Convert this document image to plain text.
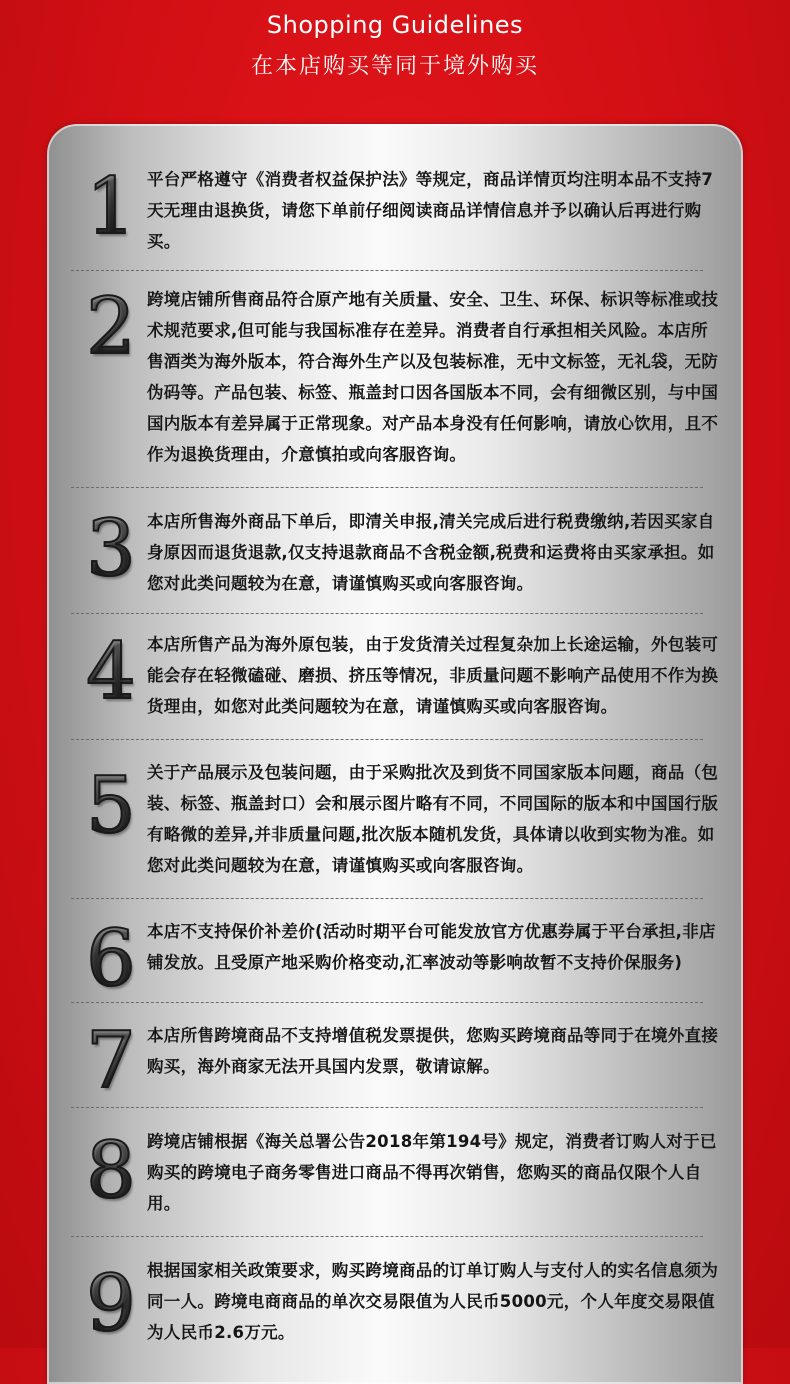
Shopping Guidelines
在本店购买等同于境外购买
1 平台严格遵守《消费者权益保护法》等规定，商品详情页均注明本品不支持7天无理由退换货，请您下单前仔细阅读商品详情信息并予以确认后再进行购买。
2 跨境店铺所售商品符合原产地有关质量、安全、卫生、环保、标识等标准或技术规范要求,但可能与我国标准存在差异。消费者自行承担相关风险。本店所售酒类为海外版本，符合海外生产以及包装标准，无中文标签，无礼袋，无防伪码等。产品包装、标签、瓶盖封口因各国版本不同，会有细微区别，与中国国内版本有差异属于正常现象。对产品本身没有任何影响，请放心饮用，且不作为退换货理由，介意慎拍或向客服咨询。
3 本店所售海外商品下单后，即清关申报,清关完成后进行税费缴纳,若因买家自身原因而退货退款,仅支持退款商品不含税金额,税费和运费将由买家承担。如您对此类问题较为在意，请谨慎购买或向客服咨询。
4 本店所售产品为海外原包装，由于发货清关过程复杂加上长途运输，外包装可能会存在轻微磕碰、磨损、挤压等情况，非质量问题不影响产品使用不作为换货理由，如您对此类问题较为在意，请谨慎购买或向客服咨询。
5 关于产品展示及包装问题，由于采购批次及到货不同国家版本问题，商品（包装、标签、瓶盖封口）会和展示图片略有不同，不同国际的版本和中国国行版有略微的差异,并非质量问题,批次版本随机发货，具体请以收到实物为准。如您对此类问题较为在意，请谨慎购买或向客服咨询。
6 本店不支持保价补差价(活动时期平台可能发放官方优惠券属于平台承担,非店铺发放。且受原产地采购价格变动,汇率波动等影响故暂不支持价保服务)
7 本店所售跨境商品不支持增值税发票提供，您购买跨境商品等同于在境外直接购买，海外商家无法开具国内发票，敬请谅解。
8 跨境店铺根据《海关总署公告2018年第194号》规定，消费者订购人对于已购买的跨境电子商务零售进口商品不得再次销售，您购买的商品仅限个人自用。
9 根据国家相关政策要求，购买跨境商品的订单订购人与支付人的实名信息须为同一人。跨境电商商品的单次交易限值为人民币5000元，个人年度交易限值为人民币2.6万元。
